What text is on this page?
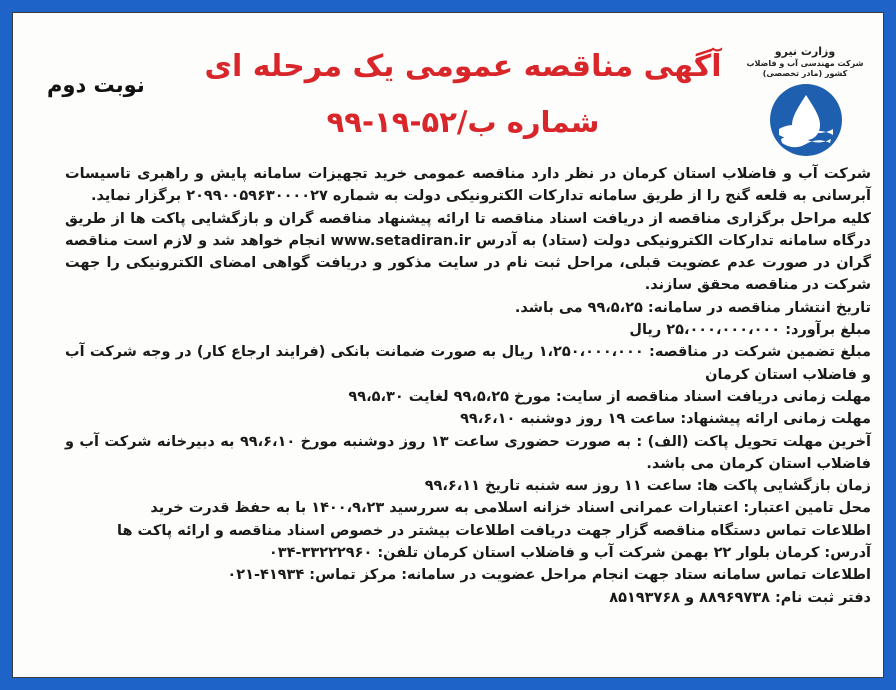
وزارت نیرو
شرکت مهندسی آب و فاضلاب کشور (مادر تخصصی)
نوبت دوم
آگهی مناقصه عمومی یک مرحله ای
شماره ب/۵۲-۱۹-۹۹

شرکت آب و فاضلاب استان کرمان در نظر دارد مناقصه عمومی خرید تجهیزات سامانه پایش و راهبری تاسیسات آبرسانی به قلعه گنج را از طریق سامانه تدارکات الکترونیکی دولت به شماره ۲۰۹۹۰۰۵۹۶۳۰۰۰۰۲۷ برگزار نماید.

کلیه مراحل برگزاری مناقصه از دریافت اسناد مناقصه تا ارائه پیشنهاد مناقصه گران و بازگشایی پاکت ها از طریق درگاه سامانه تدارکات الکترونیکی دولت (ستاد) به آدرس www.setadiran.ir انجام خواهد شد و لازم است مناقصه گران در صورت عدم عضویت قبلی، مراحل ثبت نام در سایت مذکور و دریافت گواهی امضای الکترونیکی را جهت شرکت در مناقصه محقق سازند.

تاریخ انتشار مناقصه در سامانه: ۹۹،۵،۲۵ می باشد.

مبلغ برآورد: ۲۵،۰۰۰،۰۰۰،۰۰۰ ریال

مبلغ تضمین شرکت در مناقصه: ۱،۲۵۰،۰۰۰،۰۰۰ ریال به صورت ضمانت بانکی (فرایند ارجاع کار) در وجه شرکت آب و فاضلاب استان کرمان

مهلت زمانی دریافت اسناد مناقصه از سایت: مورخ ۹۹،۵،۲۵ لغایت ۹۹،۵،۳۰

مهلت زمانی ارائه پیشنهاد: ساعت ۱۹ روز دوشنبه ۹۹،۶،۱۰

آخرین مهلت تحویل پاکت (الف) : به صورت حضوری ساعت ۱۳ روز دوشنبه مورخ ۹۹،۶،۱۰ به دبیرخانه شرکت آب و فاضلاب استان کرمان می باشد.

زمان بازگشایی پاکت ها: ساعت ۱۱ روز سه شنبه تاریخ ۹۹،۶،۱۱

محل تامین اعتبار: اعتبارات عمرانی اسناد خزانه اسلامی به سررسید ۱۴۰۰،۹،۲۳ با به حفظ قدرت خرید

اطلاعات تماس دستگاه مناقصه گزار جهت دریافت اطلاعات بیشتر در خصوص اسناد مناقصه و ارائه پاکت ها

آدرس: کرمان بلوار ۲۲ بهمن شرکت آب و فاضلاب استان کرمان تلفن: ۳۳۲۲۲۹۶۰-۰۳۴

اطلاعات تماس سامانه ستاد جهت انجام مراحل عضویت در سامانه: مرکز تماس: ۴۱۹۳۴-۰۲۱

دفتر ثبت نام: ۸۸۹۶۹۷۳۸ و ۸۵۱۹۳۷۶۸
